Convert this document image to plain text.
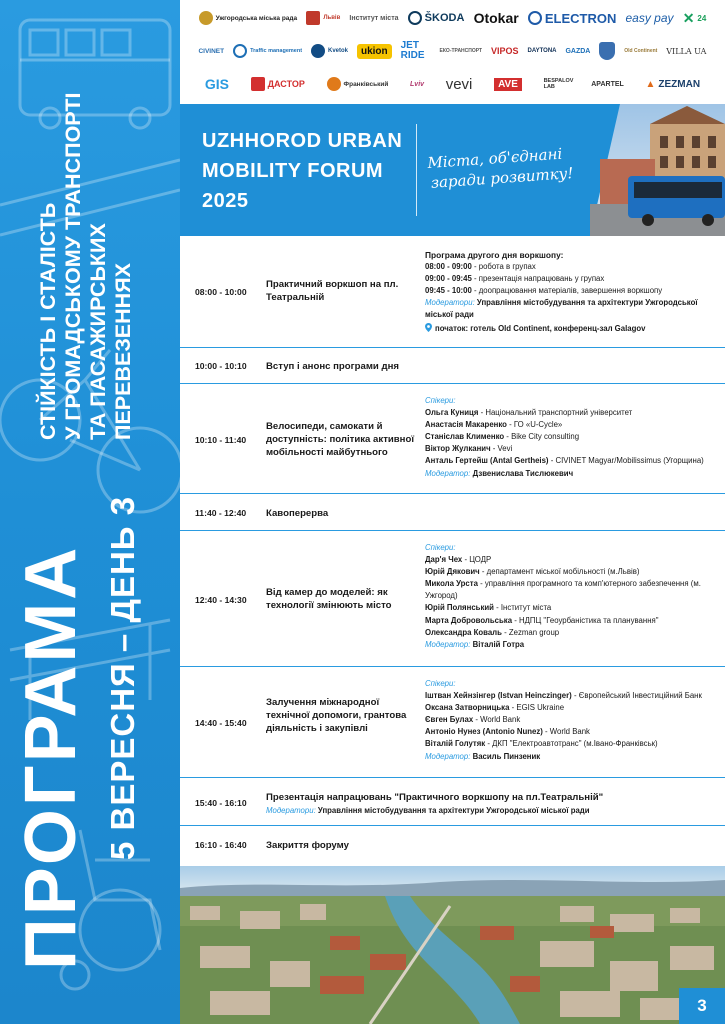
ПРОГРАМА 5 ВЕРЕСНЯ – ДЕНЬ 3
СТІЙКІСТЬ І СТАЛІСТЬ У ГРОМАДСЬКОМУ ТРАНСПОРТІ ТА ПАСАЖИРСЬКИХ ПЕРЕВЕЗЕННЯХ
Ужгородська міська рада	Львів Інститут міста ŠKODA Otokar ELECTRON easy pay ✕ 24
CIVINET	Traffic management	Kvetok ukion JET RIDE	ЕКО-ТРАНСПОРТ VIPOS DAYTONA GAZDA	Old Continent VILLA UA
GIS	ДАСТОР	Франківський	Lviv vevi	AVE	BESPALOV LAB	APARTEL ▲ ZEZMAN
UZHHOROD URBAN
MOBILITY FORUM
2025
Міста, об'єднані
заради розвитку!
08:00 - 10:00
Практичний воркшоп на пл. Театральній
Програма другого дня воркшопу:
08:00 - 09:00 - робота в групах
09:00 - 09:45 - презентація напрацювань у групах
09:45 - 10:00 - доопрацювання матеріалів, завершення воркшопу
Модератори: Управління містобудування та архітектури Ужгородської міської ради
початок: готель Old Continent, конференц-зал Galagov
10:00 - 10:10 Вступ і анонс програми дня
10:10 - 11:40
Велосипеди, самокати й доступність: політика активної мобільності майбутнього
Спікери:
Ольга Куниця - Національний транспортний університет
Анастасія Макаренко - ГО «U-Cycle»
Станіслав Клименко - Bike City consulting
Віктор Жулканич - Vevi
Анталь Гертейш (Antal Gertheis) - CIVINET Magyar/Mobilissimus (Угорщина)
Модератор: Дзвенислава Тислюкевич
11:40 - 12:40 Кавоперерва
12:40 - 14:30
Від камер до моделей: як технології змінюють місто
Спікери:
Дар'я Чех - ЦОДР
Юрій Дякович - департамент міської мобільності (м.Львів)
Микола Урста - управління програмного та комп'ютерного забезпечення (м. Ужгород)
Юрій Полянський - Інститут міста
Марта Добровольська - НДПЦ "Геоурбаністика та планування"
Олександра Коваль - Zezman group
Модератор: Віталій Готра
14:40 - 15:40
Залучення міжнародної технічної допомоги, грантова діяльність і закупівлі
Спікери:
Іштван Хейнзінгер (Istvan Heinczinger) - Європейський Інвестиційний Банк
Оксана Затворницька - EGIS Ukraine
Євген Булах - World Bank
Антоніо Нунез (Antonio Nunez) - World Bank
Віталій Голутяк - ДКП "Електроавтотранс" (м.Івано-Франківськ)
Модератор: Василь Пинзеник
15:40 - 16:10 Презентація напрацювань "Практичного воркшопу на пл.Театральній"
Модератори: Управління містобудування та архітектури Ужгородської міської ради
16:10 - 16:40 Закриття форуму
3
